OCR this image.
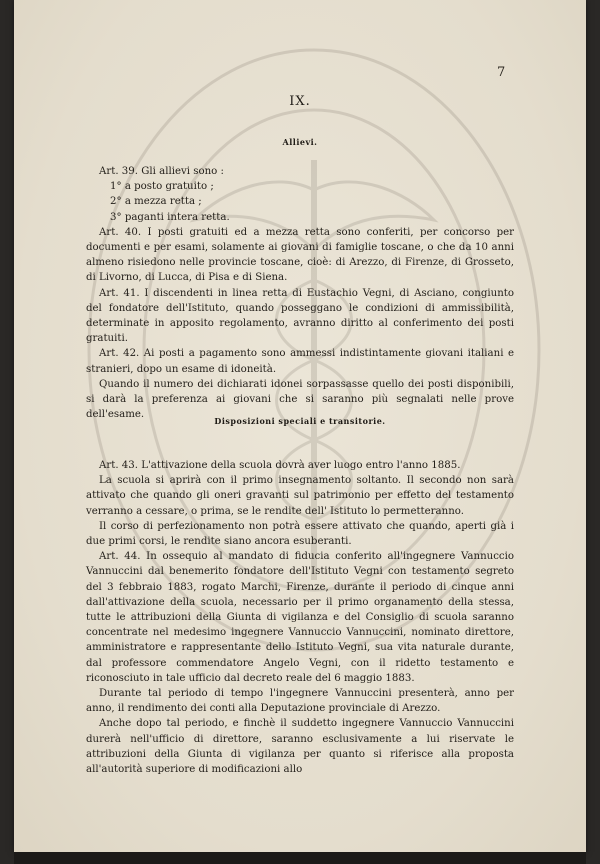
7
IX.
Allievi.

Art. 39. Gli allievi sono :

1° a posto gratuito ;

2° a mezza retta ;

3° paganti intera retta.

Art. 40. I posti gratuiti ed a mezza retta sono conferiti, per concorso per documenti e per esami, solamente ai giovani di famiglie toscane, o che da 10 anni almeno risiedono nelle provincie toscane, cioè: di Arezzo, di Firenze, di Grosseto, di Livorno, di Lucca, di Pisa e di Siena.

Art. 41. I discendenti in linea retta di Eustachio Vegni, di Asciano, congiunto del fondatore dell'Istituto, quando posseggano le condizioni di ammissibilità, determinate in apposito regolamento, avranno diritto al conferimento dei posti gratuiti.

Art. 42. Ai posti a pagamento sono ammessi indistintamente giovani italiani e stranieri, dopo un esame di idoneità.

Quando il numero dei dichiarati idonei sorpassasse quello dei posti disponibili, si darà la preferenza ai giovani che si saranno più segnalati nelle prove dell'esame.

Disposizioni speciali e transitorie.

Art. 43. L'attivazione della scuola dovrà aver luogo entro l'anno 1885.

La scuola si aprirà con il primo insegnamento soltanto. Il secondo non sarà attivato che quando gli oneri gravanti sul patrimonio per effetto del testamento verranno a cessare, o prima, se le rendite dell' Istituto lo permetteranno.

Il corso di perfezionamento non potrà essere attivato che quando, aperti già i due primi corsi, le rendite siano ancora esuberanti.

Art. 44. In ossequio al mandato di fiducia conferito all'ingegnere Vannuccio Vannuccini dal benemerito fondatore dell'Istituto Vegni con testamento segreto del 3 febbraio 1883, rogato Marchi, Firenze, durante il periodo di cinque anni dall'attivazione della scuola, necessario per il primo organamento della stessa, tutte le attribuzioni della Giunta di vigilanza e del Consiglio di scuola saranno concentrate nel medesimo ingegnere Vannuccio Vannuccini, nominato direttore, amministratore e rappresentante dello Istituto Vegni, sua vita naturale durante, dal professore commendatore Angelo Vegni, con il ridetto testamento e riconosciuto in tale ufficio dal decreto reale del 6 maggio 1883.

Durante tal periodo di tempo l'ingegnere Vannuccini presenterà, anno per anno, il rendimento dei conti alla Deputazione provinciale di Arezzo.

Anche dopo tal periodo, e finchè il suddetto ingegnere Vannuccio Vannuccini durerà nell'ufficio di direttore, saranno esclusivamente a lui riservate le attribuzioni della Giunta di vigilanza per quanto si riferisce alla proposta all'autorità superiore di modificazioni allo
